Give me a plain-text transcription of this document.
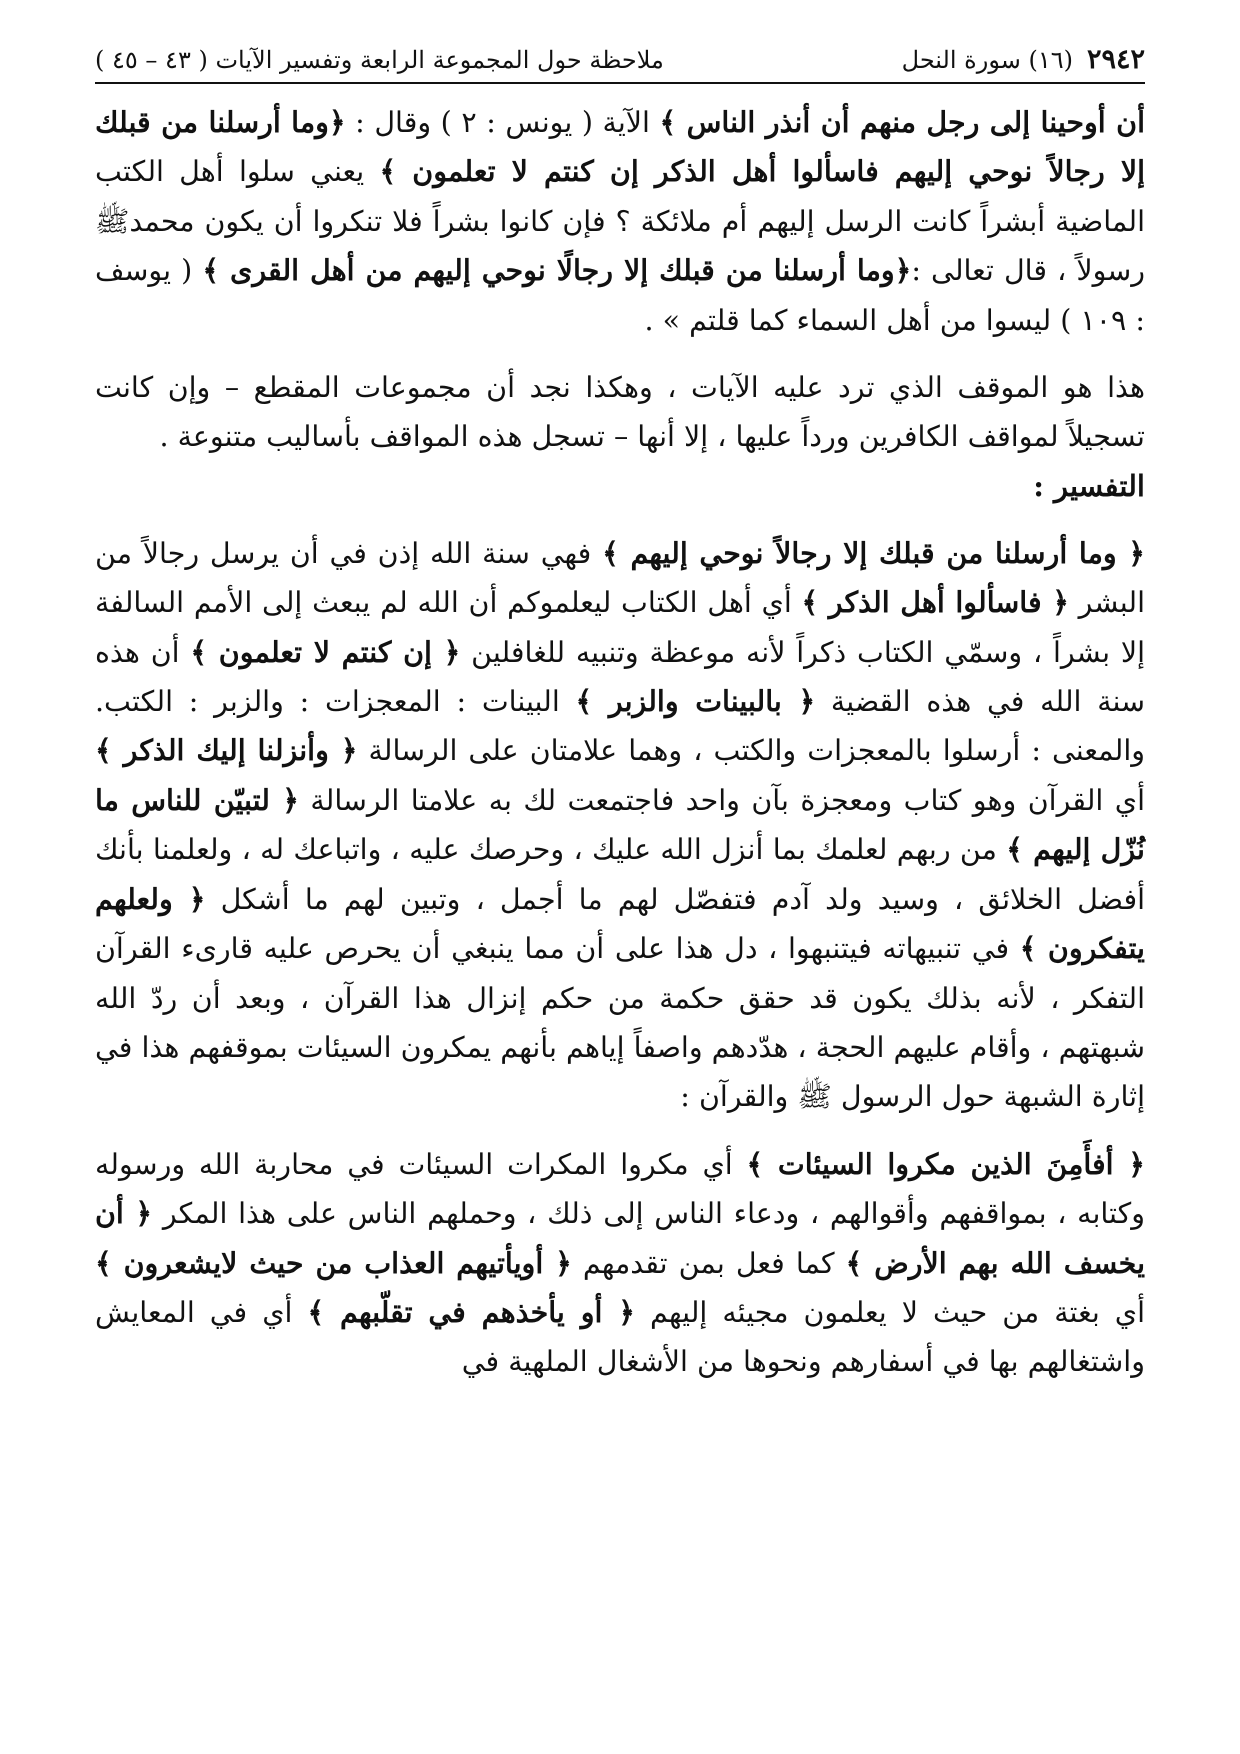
٢٩٤٢
(١٦) سورة النحل
ملاحظة حول المجموعة الرابعة وتفسير الآيات ( ٤٣ – ٤٥ )

أن أوحينا إلى رجل منهم أن أنذر الناس ﴾ الآية ( يونس : ٢ ) وقال : ﴿وما أرسلنا من قبلك إلا رجالاً نوحي إليهم فاسألوا أهل الذكر إن كنتم لا تعلمون ﴾ يعني سلوا أهل الكتب الماضية أبشراً كانت الرسل إليهم أم ملائكة ؟ فإن كانوا بشراً فلا تنكروا أن يكون محمدﷺ رسولاً ، قال تعالى :﴿وما أرسلنا من قبلك إلا رجالًا نوحي إليهم من أهل القرى ﴾ ( يوسف : ١٠٩ ) ليسوا من أهل السماء كما قلتم » .

هذا هو الموقف الذي ترد عليه الآيات ، وهكذا نجد أن مجموعات المقطع – وإن كانت تسجيلاً لمواقف الكافرين ورداً عليها ، إلا أنها – تسجل هذه المواقف بأساليب متنوعة .

التفسير :

﴿ وما أرسلنا من قبلك إلا رجالاً نوحي إليهم ﴾ فهي سنة الله إذن في أن يرسل رجالاً من البشر ﴿ فاسألوا أهل الذكر ﴾ أي أهل الكتاب ليعلموكم أن الله لم يبعث إلى الأمم السالفة إلا بشراً ، وسمّي الكتاب ذكراً لأنه موعظة وتنبيه للغافلين ﴿ إن كنتم لا تعلمون ﴾ أن هذه سنة الله في هذه القضية ﴿ بالبينات والزبر ﴾ البينات : المعجزات : والزبر : الكتب. والمعنى : أرسلوا بالمعجزات والكتب ، وهما علامتان على الرسالة ﴿ وأنزلنا إليك الذكر ﴾ أي القرآن وهو كتاب ومعجزة بآن واحد فاجتمعت لك به علامتا الرسالة ﴿ لتبيّن للناس ما نُزّل إليهم ﴾ من ربهم لعلمك بما أنزل الله عليك ، وحرصك عليه ، واتباعك له ، ولعلمنا بأنك أفضل الخلائق ، وسيد ولد آدم فتفصّل لهم ما أجمل ، وتبين لهم ما أشكل ﴿ ولعلهم يتفكرون ﴾ في تنبيهاته فيتنبهوا ، دل هذا على أن مما ينبغي أن يحرص عليه قارىء القرآن التفكر ، لأنه بذلك يكون قد حقق حكمة من حكم إنزال هذا القرآن ، وبعد أن ردّ الله شبهتهم ، وأقام عليهم الحجة ، هدّدهم واصفاً إياهم بأنهم يمكرون السيئات بموقفهم هذا في إثارة الشبهة حول الرسول ﷺ والقرآن :

﴿ أفأَمِنَ الذين مكروا السيئات ﴾ أي مكروا المكرات السيئات في محاربة الله ورسوله وكتابه ، بمواقفهم وأقوالهم ، ودعاء الناس إلى ذلك ، وحملهم الناس على هذا المكر ﴿ أن يخسف الله بهم الأرض ﴾ كما فعل بمن تقدمهم ﴿ أويأتيهم العذاب من حيث لايشعرون ﴾ أي بغتة من حيث لا يعلمون مجيئه إليهم ﴿ أو يأخذهم في تقلّبهم ﴾ أي في المعايش واشتغالهم بها في أسفارهم ونحوها من الأشغال الملهية في
